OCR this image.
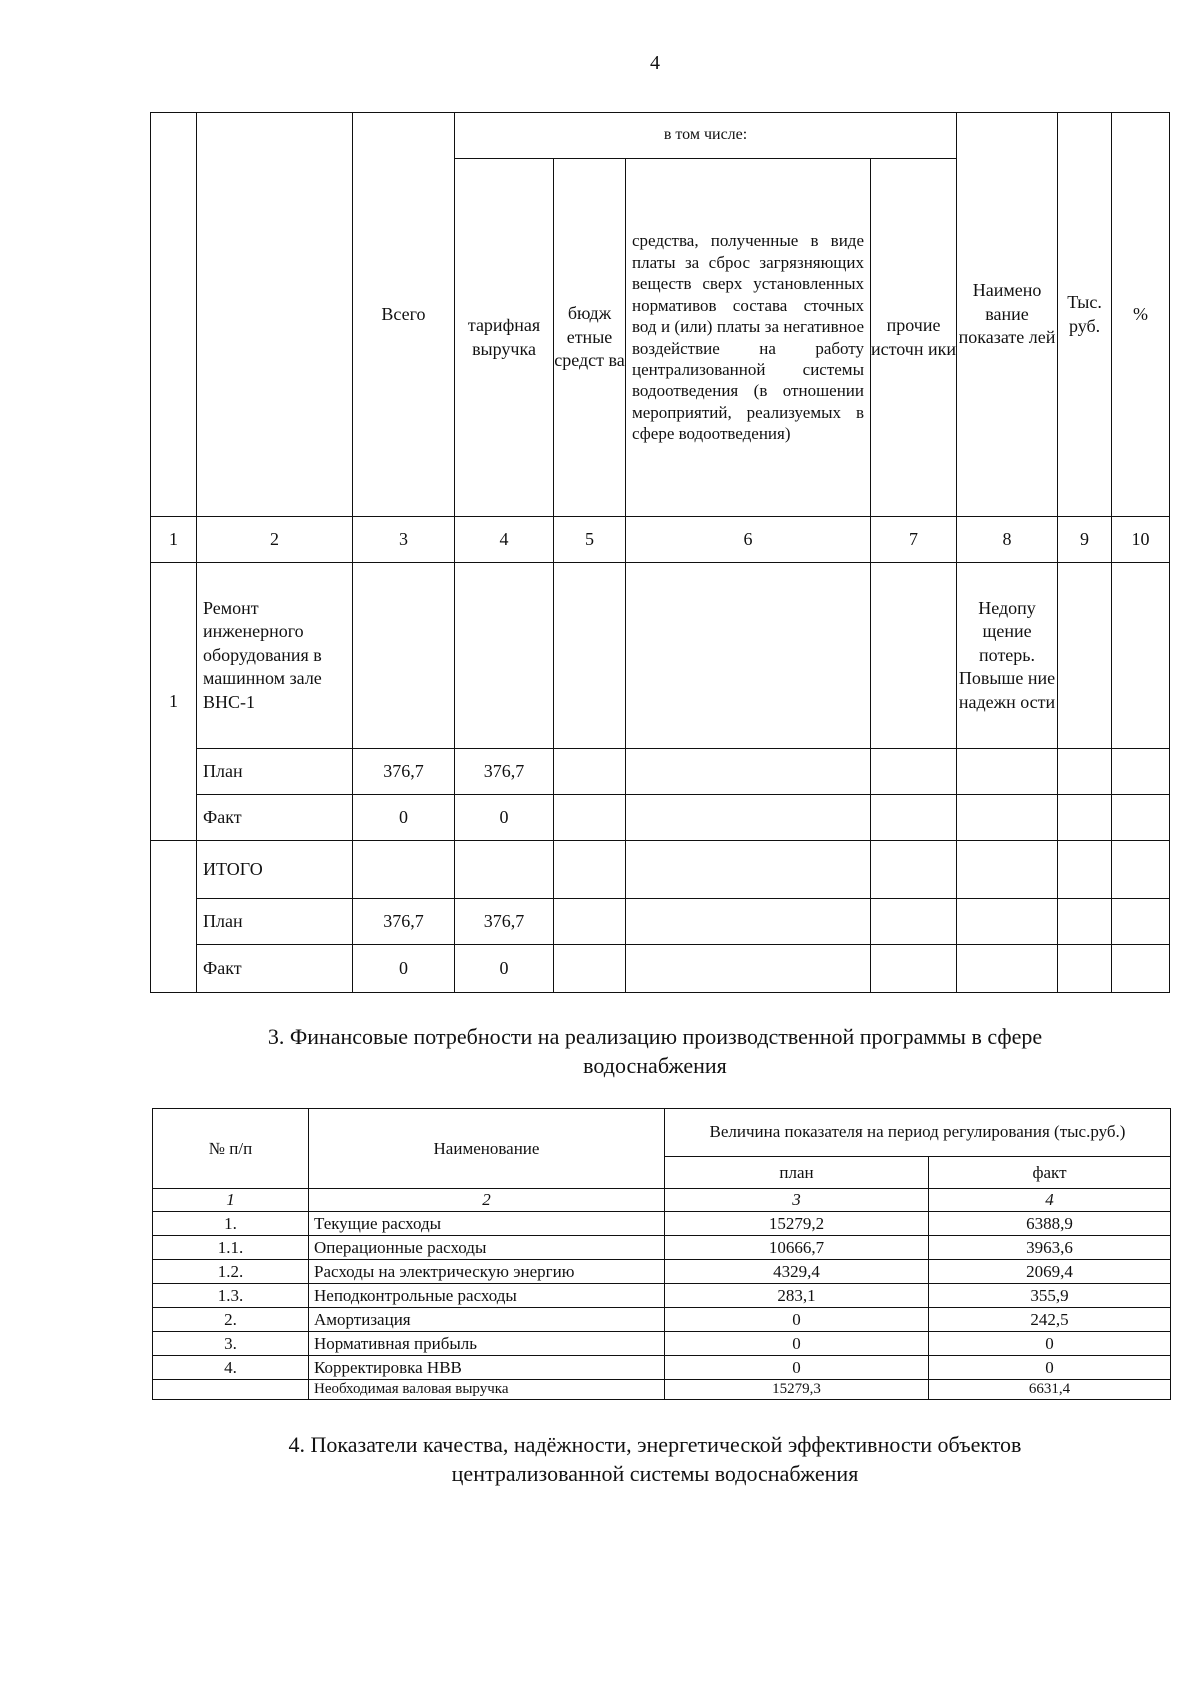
4
		Всего	в том числе:				Наимено вание показате лей	Тыс. руб.	%
			тарифная выручка	бюдж етные средст ва	средства, полученные в виде платы за сброс загрязняющих веществ сверх установленных нормативов состава сточных вод и (или) платы за негативное воздействие на работу централизованной системы водоотведения (в отношении мероприятий, реализуемых в сфере водоотведения)	прочие источн ики			
1	2	3	4	5	6	7	8	9	10
1	Ремонт инженерного оборудования в машинном зале ВНС-1						Недопу щение потерь. Повыше ние надежн ости		
	План	376,7	376,7						
	Факт	0	0						
	ИТОГО								
	План	376,7	376,7						
	Факт	0	0						
3. Финансовые потребности на реализацию производственной программы в сфере
водоснабжения
№ п/п	Наименование	Величина показателя на период регулирования (тыс.руб.)	
		план	факт
1	2	3	4
1.	Текущие расходы	15279,2	6388,9
1.1.	Операционные расходы	10666,7	3963,6
1.2.	Расходы на электрическую энергию	4329,4	2069,4
1.3.	Неподконтрольные расходы	283,1	355,9
2.	Амортизация	0	242,5
3.	Нормативная прибыль	0	0
4.	Корректировка НВВ	0	0
	Необходимая валовая выручка	15279,3	6631,4
4. Показатели качества, надёжности, энергетической эффективности объектов
централизованной системы водоснабжения
